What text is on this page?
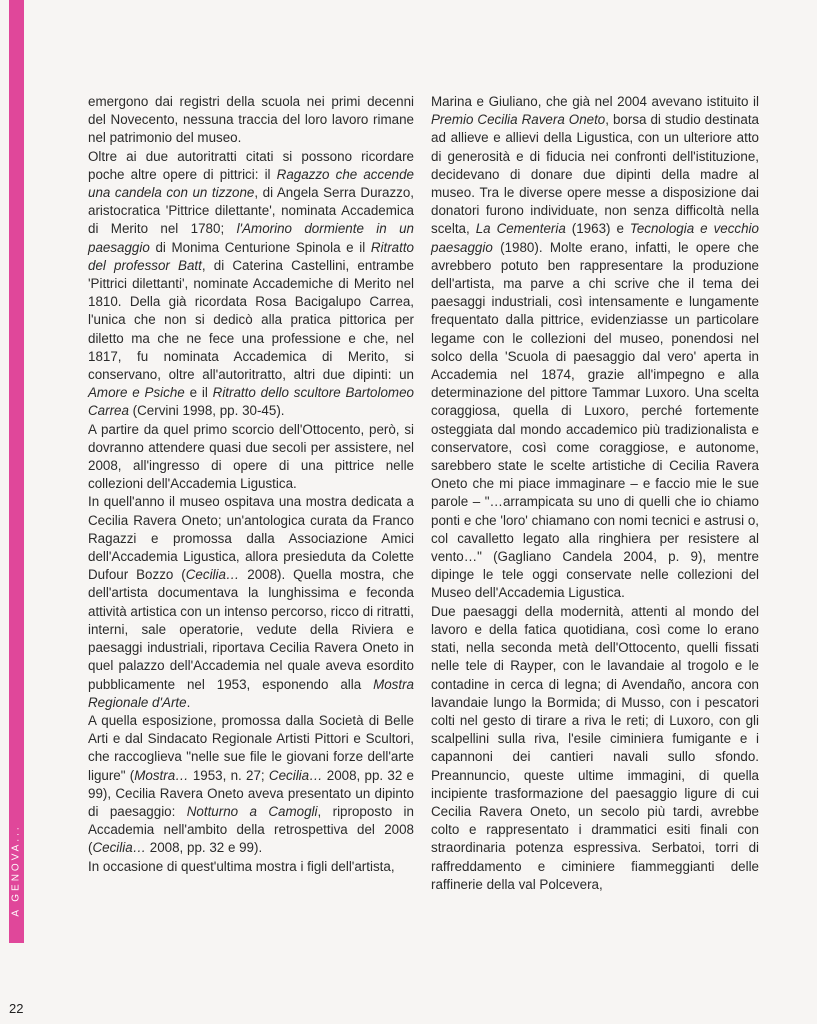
A GENOVA...

emergono dai registri della scuola nei primi decenni del Novecento, nessuna traccia del loro lavoro rimane nel patrimonio del museo.

Oltre ai due autoritratti citati si possono ricordare poche altre opere di pittrici: il Ragazzo che accende una candela con un tizzone, di Angela Serra Durazzo, aristocratica 'Pittrice dilettante', nominata Accademica di Merito nel 1780; l'Amorino dormiente in un paesaggio di Monima Centurione Spinola e il Ritratto del professor Batt, di Caterina Castellini, entrambe 'Pittrici dilettanti', nominate Accademiche di Merito nel 1810. Della già ricordata Rosa Bacigalupo Carrea, l'unica che non si dedicò alla pratica pittorica per diletto ma che ne fece una professione e che, nel 1817, fu nominata Accademica di Merito, si conservano, oltre all'autoritratto, altri due dipinti: un Amore e Psiche e il Ritratto dello scultore Bartolomeo Carrea (Cervini 1998, pp. 30-45).

A partire da quel primo scorcio dell'Ottocento, però, si dovranno attendere quasi due secoli per assistere, nel 2008, all'ingresso di opere di una pittrice nelle collezioni dell'Accademia Ligustica.

In quell'anno il museo ospitava una mostra dedicata a Cecilia Ravera Oneto; un'antologica curata da Franco Ragazzi e promossa dalla Associazione Amici dell'Accademia Ligustica, allora presieduta da Colette Dufour Bozzo (Cecilia… 2008). Quella mostra, che dell'artista documentava la lunghissima e feconda attività artistica con un intenso percorso, ricco di ritratti, interni, sale operatorie, vedute della Riviera e paesaggi industriali, riportava Cecilia Ravera Oneto in quel palazzo dell'Accademia nel quale aveva esordito pubblicamente nel 1953, esponendo alla Mostra Regionale d'Arte.

A quella esposizione, promossa dalla Società di Belle Arti e dal Sindacato Regionale Artisti Pittori e Scultori, che raccoglieva "nelle sue file le giovani forze dell'arte ligure" (Mostra… 1953, n. 27; Cecilia… 2008, pp. 32 e 99), Cecilia Ravera Oneto aveva presentato un dipinto di paesaggio: Notturno a Camogli, riproposto in Accademia nell'ambito della retrospettiva del 2008 (Cecilia… 2008, pp. 32 e 99).

In occasione di quest'ultima mostra i figli dell'artista,

Marina e Giuliano, che già nel 2004 avevano istituito il Premio Cecilia Ravera Oneto, borsa di studio destinata ad allieve e allievi della Ligustica, con un ulteriore atto di generosità e di fiducia nei confronti dell'istituzione, decidevano di donare due dipinti della madre al museo. Tra le diverse opere messe a disposizione dai donatori furono individuate, non senza difficoltà nella scelta, La Cementeria (1963) e Tecnologia e vecchio paesaggio (1980). Molte erano, infatti, le opere che avrebbero potuto ben rappresentare la produzione dell'artista, ma parve a chi scrive che il tema dei paesaggi industriali, così intensamente e lungamente frequentato dalla pittrice, evidenziasse un particolare legame con le collezioni del museo, ponendosi nel solco della 'Scuola di paesaggio dal vero' aperta in Accademia nel 1874, grazie all'impegno e alla determinazione del pittore Tammar Luxoro. Una scelta coraggiosa, quella di Luxoro, perché fortemente osteggiata dal mondo accademico più tradizionalista e conservatore, così come coraggiose, e autonome, sarebbero state le scelte artistiche di Cecilia Ravera Oneto che mi piace immaginare – e faccio mie le sue parole – "…arrampicata su uno di quelli che io chiamo ponti e che 'loro' chiamano con nomi tecnici e astrusi o, col cavalletto legato alla ringhiera per resistere al vento…" (Gagliano Candela 2004, p. 9), mentre dipinge le tele oggi conservate nelle collezioni del Museo dell'Accademia Ligustica.

Due paesaggi della modernità, attenti al mondo del lavoro e della fatica quotidiana, così come lo erano stati, nella seconda metà dell'Ottocento, quelli fissati nelle tele di Rayper, con le lavandaie al trogolo e le contadine in cerca di legna; di Avendaño, ancora con lavandaie lungo la Bormida; di Musso, con i pescatori colti nel gesto di tirare a riva le reti; di Luxoro, con gli scalpellini sulla riva, l'esile ciminiera fumigante e i capannoni dei cantieri navali sullo sfondo. Preannuncio, queste ultime immagini, di quella incipiente trasformazione del paesaggio ligure di cui Cecilia Ravera Oneto, un secolo più tardi, avrebbe colto e rappresentato i drammatici esiti finali con straordinaria potenza espressiva. Serbatoi, torri di raffreddamento e ciminiere fiammeggianti delle raffinerie della val Polcevera,

22
